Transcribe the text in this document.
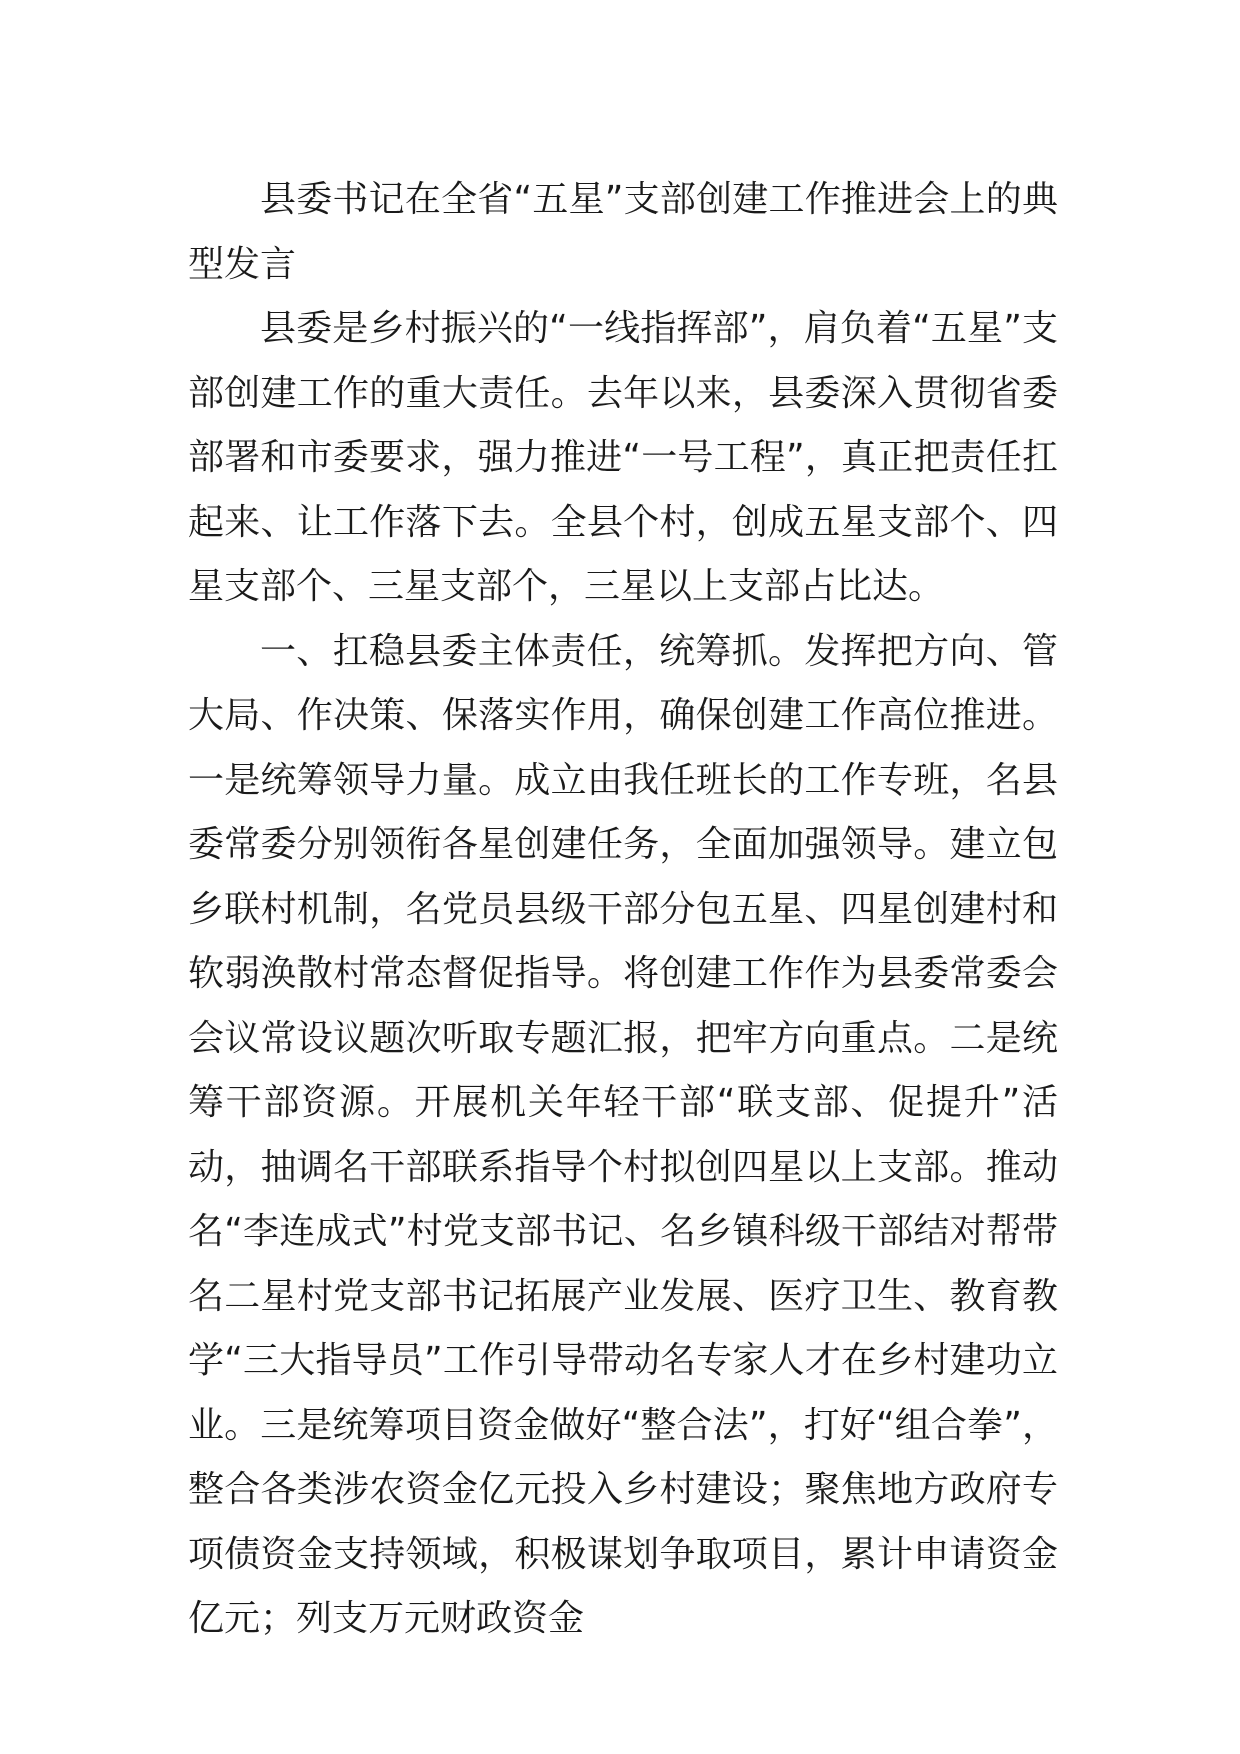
县委书记在全省“五星”支部创建工作推进会上的典型发言

县委是乡村振兴的“一线指挥部”，肩负着“五星”支部创建工作的重大责任。去年以来，县委深入贯彻省委部署和市委要求，强力推进“一号工程”，真正把责任扛起来、让工作落下去。全县个村，创成五星支部个、四星支部个、三星支部个，三星以上支部占比达。

一、扛稳县委主体责任，统筹抓。发挥把方向、管大局、作决策、保落实作用，确保创建工作高位推进。一是统筹领导力量。成立由我任班长的工作专班，名县委常委分别领衔各星创建任务，全面加强领导。建立包乡联村机制，名党员县级干部分包五星、四星创建村和软弱涣散村常态督促指导。将创建工作作为县委常委会会议常设议题次听取专题汇报，把牢方向重点。二是统筹干部资源。开展机关年轻干部“联支部、促提升”活动，抽调名干部联系指导个村拟创四星以上支部。推动名“李连成式”村党支部书记、名乡镇科级干部结对帮带名二星村党支部书记拓展产业发展、医疗卫生、教育教学“三大指导员”工作引导带动名专家人才在乡村建功立业。三是统筹项目资金做好“整合法”，打好“组合拳”，整合各类涉农资金亿元投入乡村建设；聚焦地方政府专项债资金支持领域，积极谋划争取项目，累计申请资金亿元；列支万元财政资金
